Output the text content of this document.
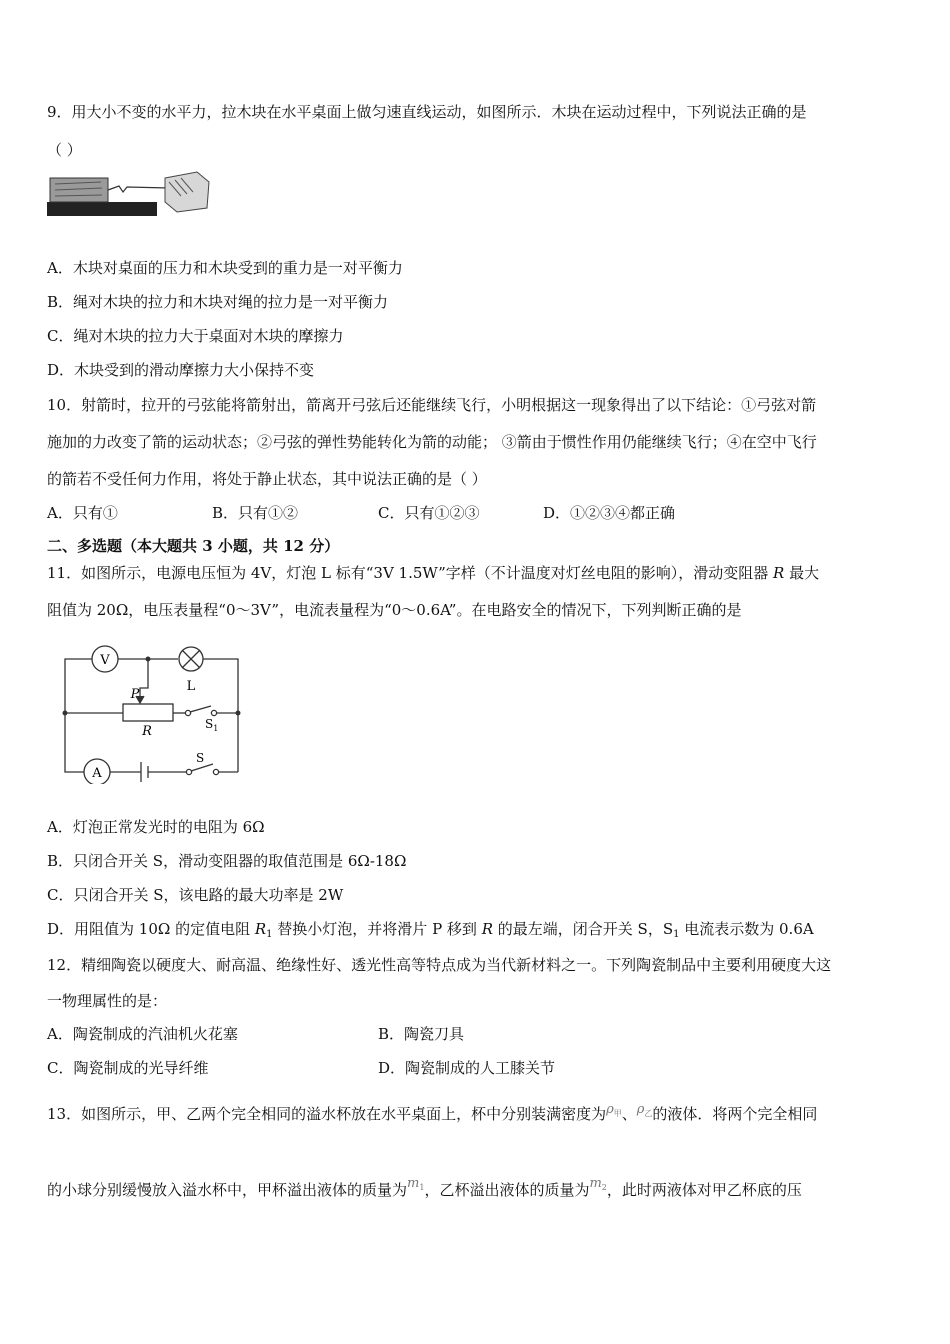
9．用大小不变的水平力，拉木块在水平桌面上做匀速直线运动，如图所示．木块在运动过程中，下列说法正确的是
（ ）
A．木块对桌面的压力和木块受到的重力是一对平衡力
B．绳对木块的拉力和木块对绳的拉力是一对平衡力
C．绳对木块的拉力大于桌面对木块的摩擦力
D．木块受到的滑动摩擦力大小保持不变
10．射箭时，拉开的弓弦能将箭射出，箭离开弓弦后还能继续飞行，小明根据这一现象得出了以下结论：①弓弦对箭
施加的力改变了箭的运动状态；②弓弦的弹性势能转化为箭的动能； ③箭由于惯性作用仍能继续飞行；④在空中飞行
的箭若不受任何力作用，将处于静止状态，其中说法正确的是（ ）
A．只有①	B．只有①②	C．只有①②③	D．①②③④都正确
二、多选题（本大题共 3 小题，共 12 分）
11．如图所示，电源电压恒为 4V，灯泡 L 标有“3V 1.5W”字样（不计温度对灯丝电阻的影响），滑动变阻器 R 最大
阻值为 20Ω，电压表量程“0～3V”，电流表量程为“0～0.6A”。在电路安全的情况下，下列判断正确的是
V
L
P
R	$S_1$
S
A
A．灯泡正常发光时的电阻为 6Ω
B．只闭合开关 S，滑动变阻器的取值范围是 6Ω-18Ω
C．只闭合开关 S，该电路的最大功率是 2W
D．用阻值为 10Ω 的定值电阻 $R_1$ 替换小灯泡，并将滑片 P 移到 R 的最左端，闭合开关 S，$S_1$ 电流表示数为 0.6A
12．精细陶瓷以硬度大、耐高温、绝缘性好、透光性高等特点成为当代新材料之一。下列陶瓷制品中主要利用硬度大这
一物理属性的是：
A．陶瓷制成的汽油机火花塞	B．陶瓷刀具
C．陶瓷制成的光导纤维	D．陶瓷制成的人工膝关节
13．如图所示，甲、乙两个完全相同的溢水杯放在水平桌面上，杯中分别装满密度为$\rho_甲$、$\rho_乙$的液体．将两个完全相同
的小球分别缓慢放入溢水杯中，甲杯溢出液体的质量为$m_1$，乙杯溢出液体的质量为$m_2$，此时两液体对甲乙杯底的压
